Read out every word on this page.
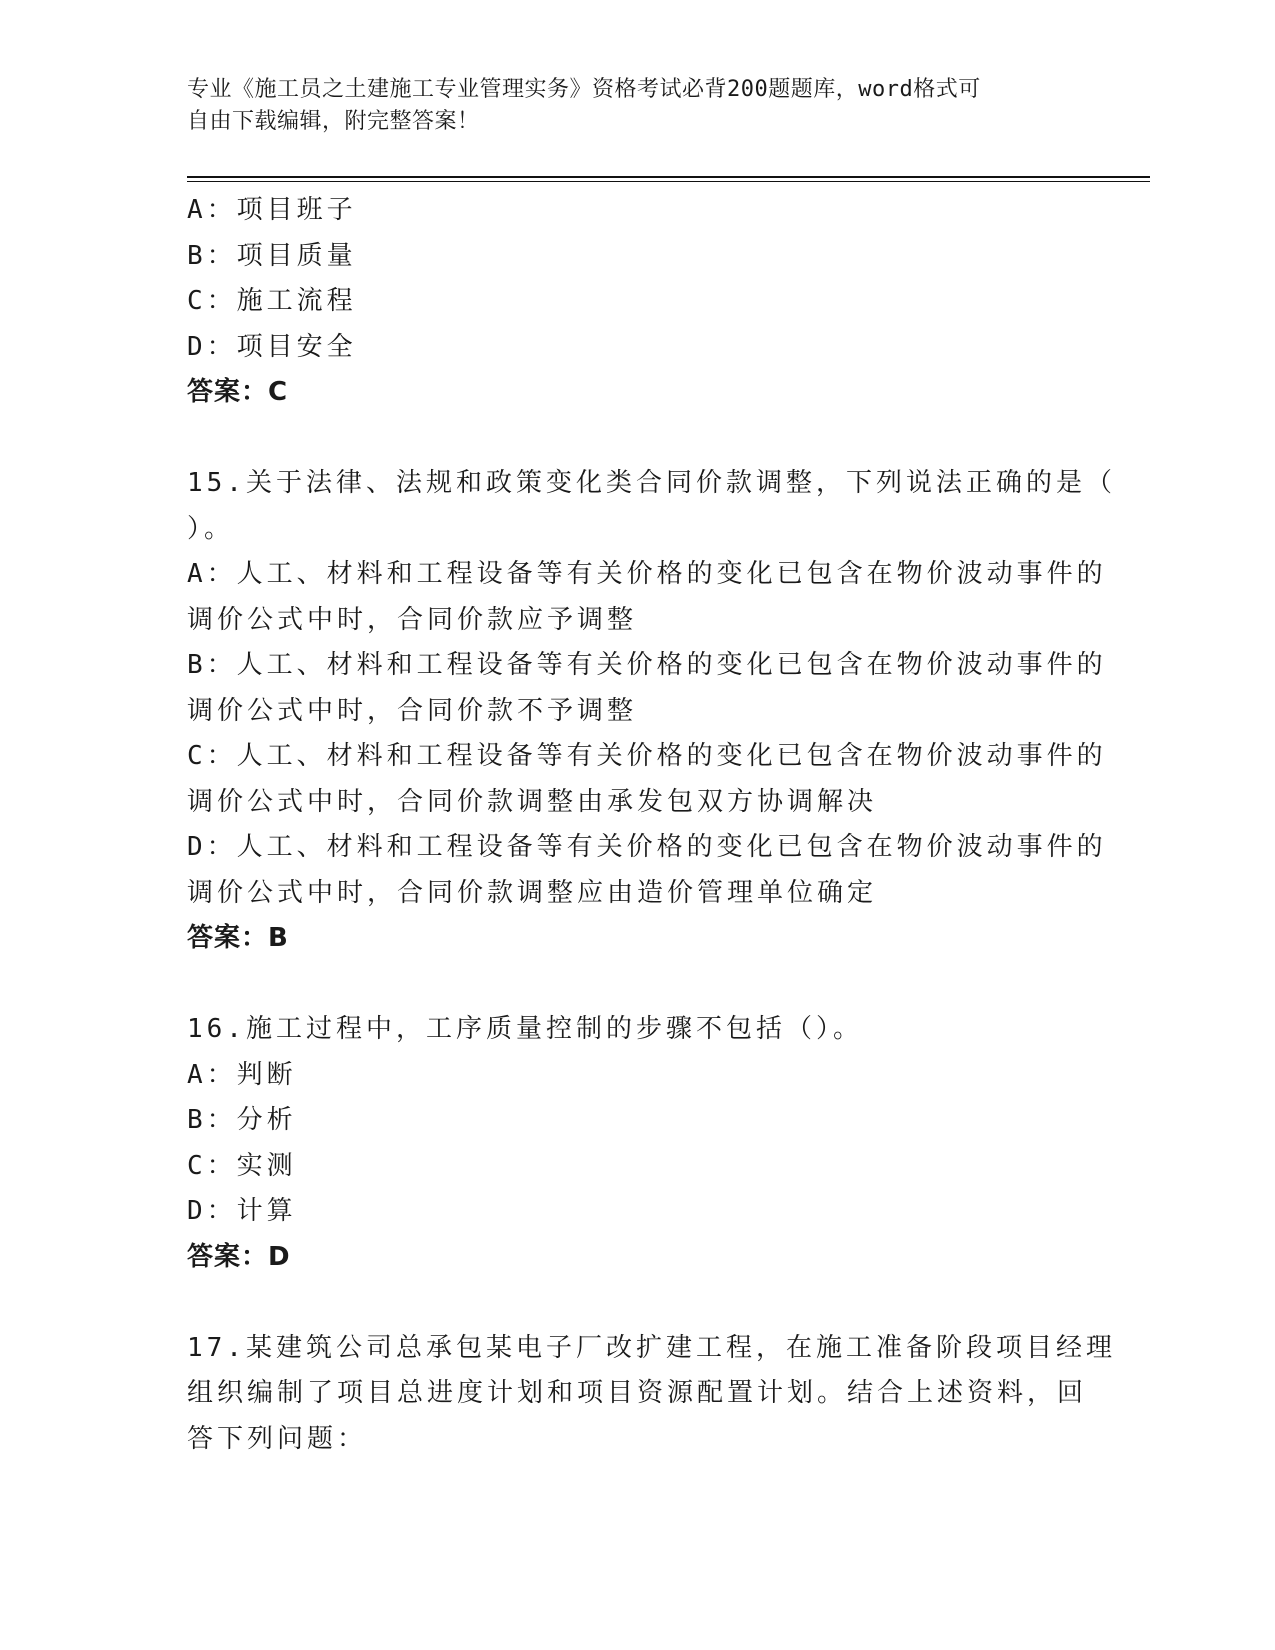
专业《施工员之土建施工专业管理实务》资格考试必背200题题库，word格式可
自由下载编辑，附完整答案！
A：项目班子
B：项目质量
C：施工流程
D：项目安全
答案：C
15.关于法律、法规和政策变化类合同价款调整，下列说法正确的是（
）。
A：人工、材料和工程设备等有关价格的变化已包含在物价波动事件的
调价公式中时，合同价款应予调整
B：人工、材料和工程设备等有关价格的变化已包含在物价波动事件的
调价公式中时，合同价款不予调整
C：人工、材料和工程设备等有关价格的变化已包含在物价波动事件的
调价公式中时，合同价款调整由承发包双方协调解决
D：人工、材料和工程设备等有关价格的变化已包含在物价波动事件的
调价公式中时，合同价款调整应由造价管理单位确定
答案：B
16.施工过程中，工序质量控制的步骤不包括（）。
A：判断
B：分析
C：实测
D：计算
答案：D
17.某建筑公司总承包某电子厂改扩建工程，在施工准备阶段项目经理
组织编制了项目总进度计划和项目资源配置计划。结合上述资料，回
答下列问题：
